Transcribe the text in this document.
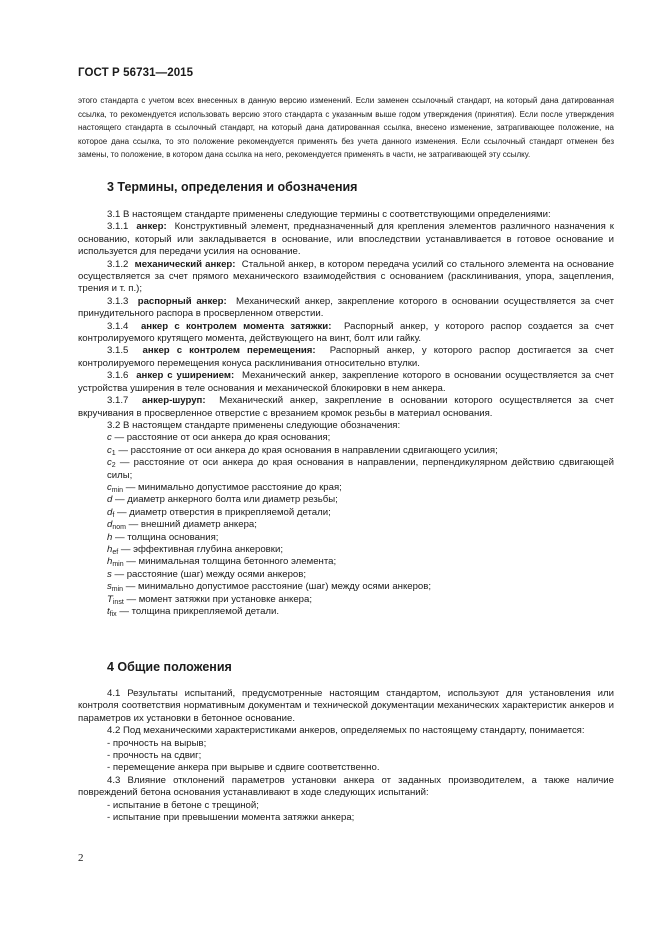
ГОСТ Р 56731—2015
этого стандарта с учетом всех внесенных в данную версию изменений. Если заменен ссылочный стандарт, на который дана датированная ссылка, то рекомендуется использовать версию этого стандарта с указанным выше годом утверждения (принятия). Если после утверждения настоящего стандарта в ссылочный стандарт, на который дана датированная ссылка, внесено изменение, затрагивающее положение, на которое дана ссылка, то это положение рекомендуется применять без учета данного изменения. Если ссылочный стандарт отменен без замены, то положение, в котором дана ссылка на него, рекомендуется применять в части, не затрагивающей эту ссылку.
3 Термины, определения и обозначения

3.1 В настоящем стандарте применены следующие термины с соответствующими определениями:

3.1.1 анкер: Конструктивный элемент, предназначенный для крепления элементов различного назначения к основанию, который или закладывается в основание, или впоследствии устанавливается в готовое основание и используется для передачи усилия на основание.

3.1.2 механический анкер: Стальной анкер, в котором передача усилий со стального элемента на основание осуществляется за счет прямого механического взаимодействия с основанием (расклинивания, упора, зацепления, трения и т. п.);

3.1.3 распорный анкер: Механический анкер, закрепление которого в основании осуществляется за счет принудительного распора в просверленном отверстии.

3.1.4 анкер с контролем момента затяжки: Распорный анкер, у которого распор создается за счет контролируемого крутящего момента, действующего на винт, болт или гайку.

3.1.5 анкер с контролем перемещения: Распорный анкер, у которого распор достигается за счет контролируемого перемещения конуса расклинивания относительно втулки.

3.1.6 анкер с уширением: Механический анкер, закрепление которого в основании осуществляется за счет устройства уширения в теле основания и механической блокировки в нем анкера.

3.1.7 анкер-шуруп: Механический анкер, закрепление в основании которого осуществляется за счет вкручивания в просверленное отверстие с врезанием кромок резьбы в материал основания.

3.2 В настоящем стандарте применены следующие обозначения:

c — расстояние от оси анкера до края основания;

$c_1$ — расстояние от оси анкера до края основания в направлении сдвигающего усилия;

$c_2$ — расстояние от оси анкера до края основания в направлении, перпендикулярном действию сдвигающей силы;

$c_{min}$ — минимально допустимое расстояние до края;

d — диаметр анкерного болта или диаметр резьбы;

$d_f$ — диаметр отверстия в прикрепляемой детали;

$d_{nom}$ — внешний диаметр анкера;

h — толщина основания;

$h_{ef}$ — эффективная глубина анкеровки;

$h_{min}$ — минимальная толщина бетонного элемента;

s — расстояние (шаг) между осями анкеров;

$s_{min}$ — минимально допустимое расстояние (шаг) между осями анкеров;

$T_{inst}$ — момент затяжки при установке анкера;

$t_{fix}$ — толщина прикрепляемой детали.

4 Общие положения

4.1 Результаты испытаний, предусмотренные настоящим стандартом, используют для установления или контроля соответствия нормативным документам и технической документации механических характеристик анкеров и параметров их установки в бетонное основание.

4.2 Под механическими характеристиками анкеров, определяемых по настоящему стандарту, понимается:

- прочность на вырыв;

- прочность на сдвиг;

- перемещение анкера при вырыве и сдвиге соответственно.

4.3 Влияние отклонений параметров установки анкера от заданных производителем, а также наличие повреждений бетона основания устанавливают в ходе следующих испытаний:

- испытание в бетоне с трещиной;

- испытание при превышении момента затяжки анкера;

2
